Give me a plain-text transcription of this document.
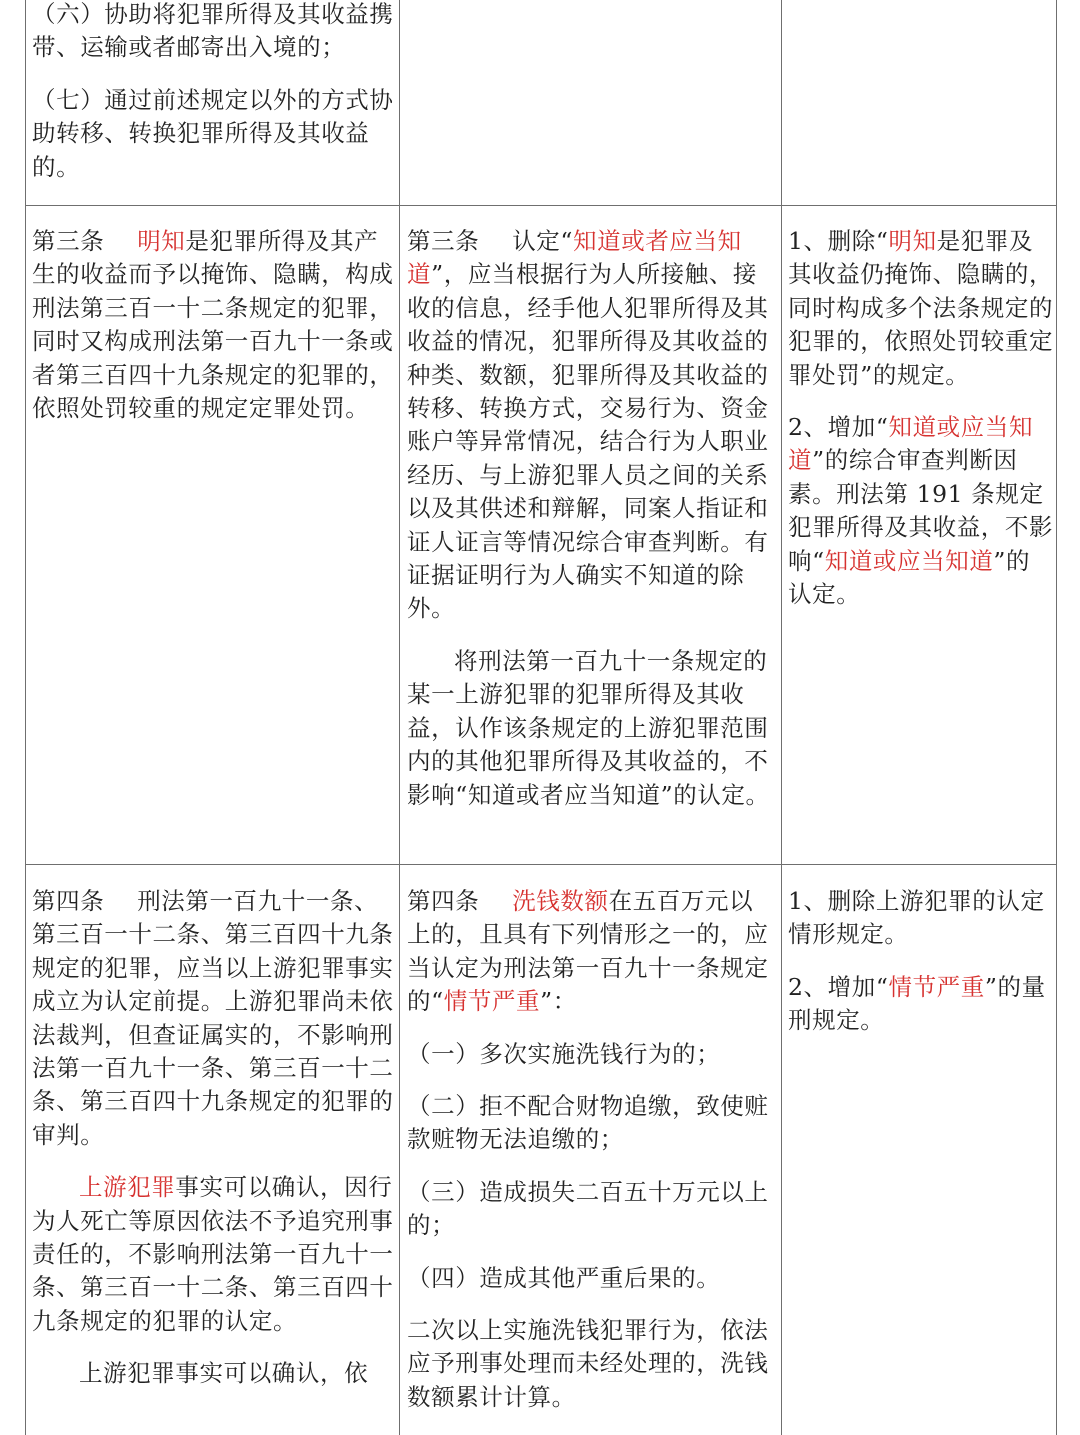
（六）协助将犯罪所得及其收益携带、运输或者邮寄出入境的；

（七）通过前述规定以外的方式协助转移、转换犯罪所得及其收益的。

第三条 明知是犯罪所得及其产生的收益而予以掩饰、隐瞒，构成刑法第三百一十二条规定的犯罪，同时又构成刑法第一百九十一条或者第三百四十九条规定的犯罪的，依照处罚较重的规定定罪处罚。

第三条 认定“知道或者应当知道”，应当根据行为人所接触、接收的信息，经手他人犯罪所得及其收益的情况，犯罪所得及其收益的种类、数额，犯罪所得及其收益的转移、转换方式，交易行为、资金账户等异常情况，结合行为人职业经历、与上游犯罪人员之间的关系以及其供述和辩解，同案人指证和证人证言等情况综合审查判断。有证据证明行为人确实不知道的除外。

将刑法第一百九十一条规定的某一上游犯罪的犯罪所得及其收益，认作该条规定的上游犯罪范围内的其他犯罪所得及其收益的，不影响“知道或者应当知道”的认定。

1、删除“明知是犯罪及其收益仍掩饰、隐瞒的，同时构成多个法条规定的犯罪的，依照处罚较重定罪处罚”的规定。

2、增加“知道或应当知道”的综合审查判断因素。刑法第 191 条规定犯罪所得及其收益，不影响“知道或应当知道”的认定。

第四条 刑法第一百九十一条、第三百一十二条、第三百四十九条规定的犯罪，应当以上游犯罪事实成立为认定前提。上游犯罪尚未依法裁判，但查证属实的，不影响刑法第一百九十一条、第三百一十二条、第三百四十九条规定的犯罪的审判。

上游犯罪事实可以确认，因行为人死亡等原因依法不予追究刑事责任的，不影响刑法第一百九十一条、第三百一十二条、第三百四十九条规定的犯罪的认定。

上游犯罪事实可以确认，依

第四条 洗钱数额在五百万元以上的，且具有下列情形之一的，应当认定为刑法第一百九十一条规定的“情节严重”：

（一）多次实施洗钱行为的；

（二）拒不配合财物追缴，致使赃款赃物无法追缴的；

（三）造成损失二百五十万元以上的；

（四）造成其他严重后果的。

二次以上实施洗钱犯罪行为，依法应予刑事处理而未经处理的，洗钱数额累计计算。

1、删除上游犯罪的认定情形规定。

2、增加“情节严重”的量刑规定。
